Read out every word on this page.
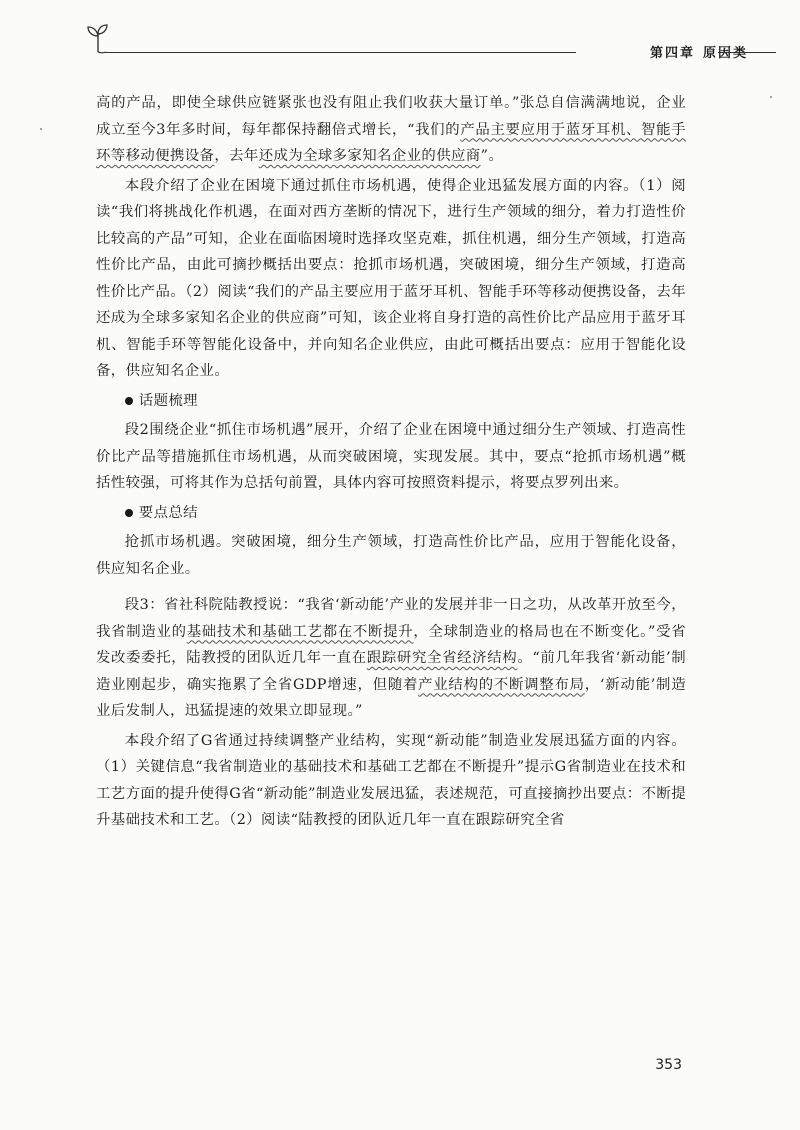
第四章 原因类

高的产品，即使全球供应链紧张也没有阻止我们收获大量订单。”张总自信满满地说，企业成立至今3年多时间，每年都保持翻倍式增长，“我们的产品主要应用于蓝牙耳机、智能手环等移动便携设备，去年还成为全球多家知名企业的供应商”。

本段介绍了企业在困境下通过抓住市场机遇，使得企业迅猛发展方面的内容。（1）阅读“我们将挑战化作机遇，在面对西方垄断的情况下，进行生产领域的细分，着力打造性价比较高的产品”可知，企业在面临困境时选择攻坚克难，抓住机遇，细分生产领域，打造高性价比产品，由此可摘抄概括出要点：抢抓市场机遇，突破困境，细分生产领域，打造高性价比产品。（2）阅读“我们的产品主要应用于蓝牙耳机、智能手环等移动便携设备，去年还成为全球多家知名企业的供应商”可知，该企业将自身打造的高性价比产品应用于蓝牙耳机、智能手环等智能化设备中，并向知名企业供应，由此可概括出要点：应用于智能化设备，供应知名企业。

话题梳理

段2围绕企业“抓住市场机遇”展开，介绍了企业在困境中通过细分生产领域、打造高性价比产品等措施抓住市场机遇，从而突破困境，实现发展。其中，要点“抢抓市场机遇”概括性较强，可将其作为总括句前置，具体内容可按照资料提示，将要点罗列出来。

要点总结

抢抓市场机遇。突破困境，细分生产领域，打造高性价比产品，应用于智能化设备，供应知名企业。

段3：省社科院陆教授说：“我省‘新动能’产业的发展并非一日之功，从改革开放至今，我省制造业的基础技术和基础工艺都在不断提升，全球制造业的格局也在不断变化。”受省发改委委托，陆教授的团队近几年一直在跟踪研究全省经济结构。“前几年我省‘新动能’制造业刚起步，确实拖累了全省GDP增速，但随着产业结构的不断调整布局，‘新动能’制造业后发制人，迅猛提速的效果立即显现。”

本段介绍了G省通过持续调整产业结构，实现“新动能”制造业发展迅猛方面的内容。（1）关键信息“我省制造业的基础技术和基础工艺都在不断提升”提示G省制造业在技术和工艺方面的提升使得G省“新动能”制造业发展迅猛，表述规范，可直接摘抄出要点：不断提升基础技术和工艺。（2）阅读“陆教授的团队近几年一直在跟踪研究全省

353
